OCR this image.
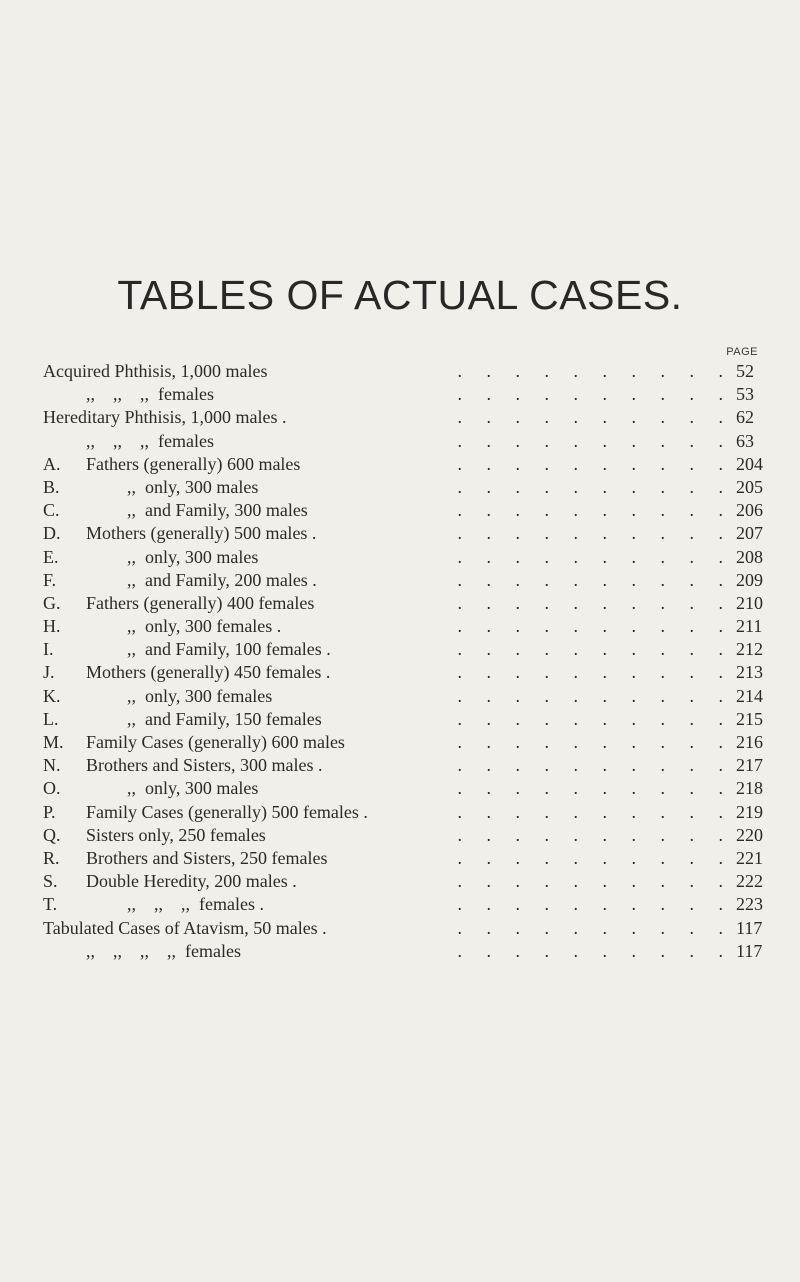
TABLES OF ACTUAL CASES.
PAGE
Acquired Phthisis, 1,000 males	. . . . . . . . . . 52
,,    ,,    ,,  females	. . . . . . . . . . 53
Hereditary Phthisis, 1,000 males .	. . . . . . . . . . 62
,,    ,,    ,,  females	. . . . . . . . . . 63
A. Fathers (generally) 600 males	. . . . . . . . . . 204
B.	,,  only, 300 males	. . . . . . . . . . 205
C.	,,  and Family, 300 males	. . . . . . . . . . 206
D. Mothers (generally) 500 males .	. . . . . . . . . . 207
E.	,,  only, 300 males	. . . . . . . . . . 208
F.	,,  and Family, 200 males .	. . . . . . . . . . 209
G. Fathers (generally) 400 females	. . . . . . . . . . 210
H.	,,  only, 300 females .	. . . . . . . . . . 211
I.	,,  and Family, 100 females .	. . . . . . . . . . 212
J. Mothers (generally) 450 females .	. . . . . . . . . . 213
K.	,,  only, 300 females	. . . . . . . . . . 214
L.	,,  and Family, 150 females	. . . . . . . . . . 215
M. Family Cases (generally) 600 males	. . . . . . . . . . 216
N. Brothers and Sisters, 300 males .	. . . . . . . . . . 217
O.	,,  only, 300 males	. . . . . . . . . . 218
P. Family Cases (generally) 500 females .	. . . . . . . . . . 219
Q. Sisters only, 250 females	. . . . . . . . . . 220
R. Brothers and Sisters, 250 females	. . . . . . . . . . 221
S. Double Heredity, 200 males .	. . . . . . . . . . 222
T.	,,    ,,    ,,  females .	. . . . . . . . . . 223
Tabulated Cases of Atavism, 50 males .	. . . . . . . . . . 117
,,    ,,    ,,    ,,  females	. . . . . . . . . . 117
